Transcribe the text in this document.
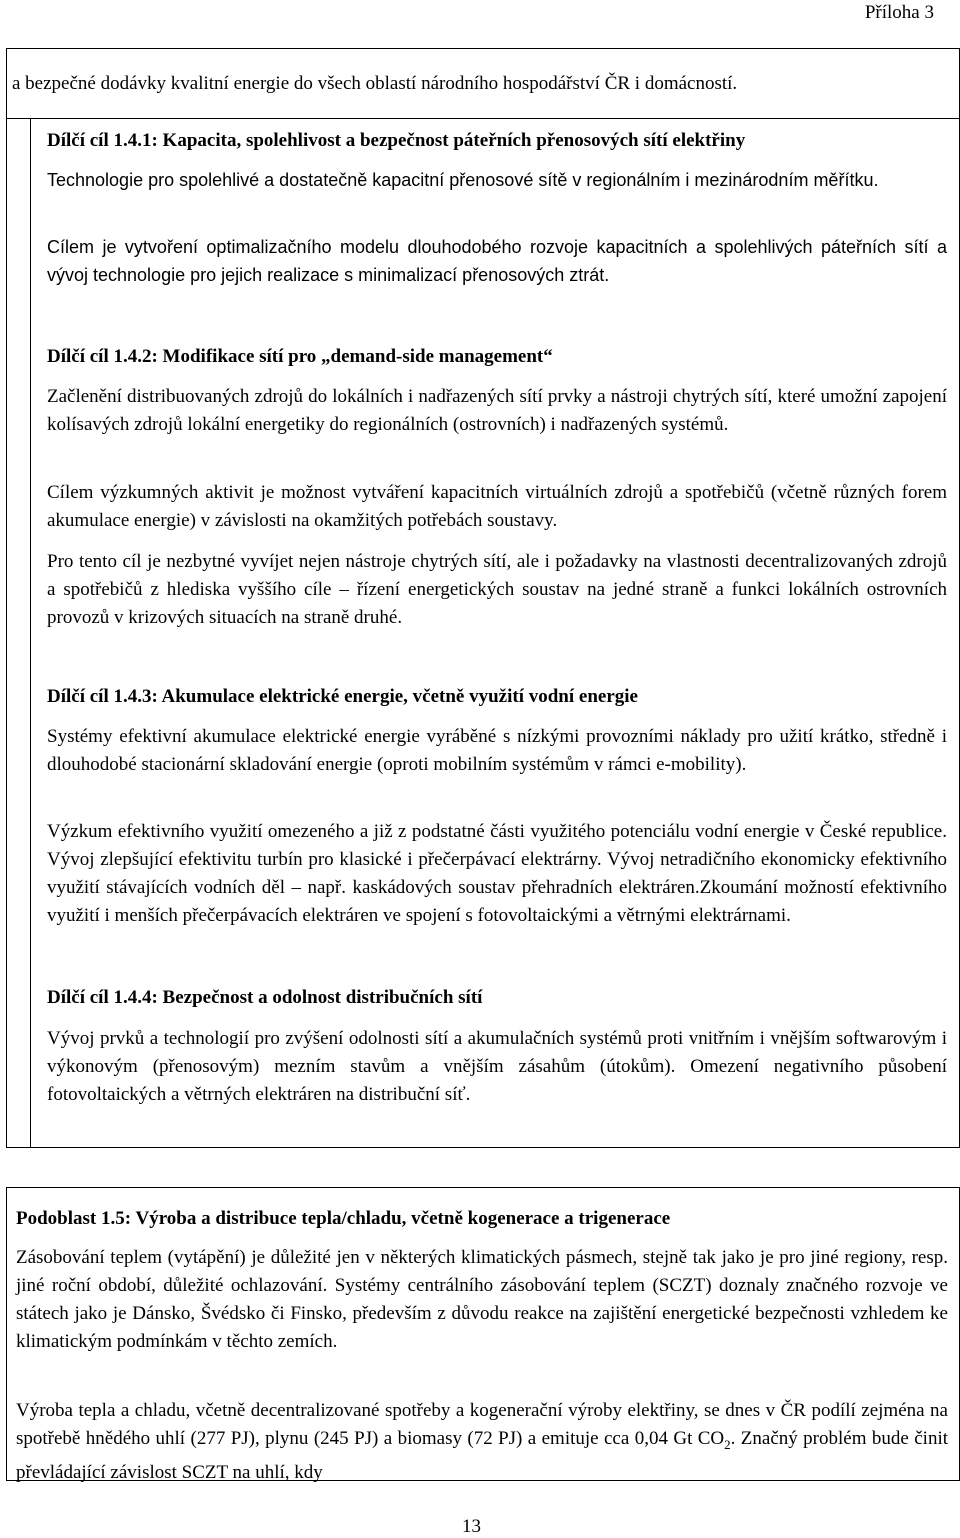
Příloha 3
a bezpečné dodávky kvalitní energie do všech oblastí národního hospodářství ČR i domácností.
Dílčí cíl 1.4.1: Kapacita, spolehlivost a bezpečnost páteřních přenosových sítí elektřiny
Technologie pro spolehlivé a dostatečně kapacitní přenosové sítě v regionálním i mezinárodním měřítku.
Cílem je vytvoření optimalizačního modelu dlouhodobého rozvoje kapacitních a spolehlivých páteřních sítí a vývoj technologie pro jejich realizace s minimalizací přenosových ztrát.
Dílčí cíl 1.4.2: Modifikace sítí pro „demand-side management“
Začlenění distribuovaných zdrojů do lokálních i nadřazených sítí prvky a nástroji chytrých sítí, které umožní zapojení kolísavých zdrojů lokální energetiky do regionálních (ostrovních) i nadřazených systémů.
Cílem výzkumných aktivit je možnost vytváření kapacitních virtuálních zdrojů a spotřebičů (včetně různých forem akumulace energie) v závislosti na okamžitých potřebách soustavy.
Pro tento cíl je nezbytné vyvíjet nejen nástroje chytrých sítí, ale i požadavky na vlastnosti decentralizovaných zdrojů a spotřebičů z hlediska vyššího cíle – řízení energetických soustav na jedné straně a funkci lokálních ostrovních provozů v krizových situacích na straně druhé.
Dílčí cíl 1.4.3: Akumulace elektrické energie, včetně využití vodní energie
Systémy efektivní akumulace elektrické energie vyráběné s nízkými provozními náklady pro užití krátko, středně i dlouhodobé stacionární skladování energie (oproti mobilním systémům v rámci e-mobility).
Výzkum efektivního využití omezeného a již z podstatné části využitého potenciálu vodní energie v České republice. Vývoj zlepšující efektivitu turbín pro klasické i přečerpávací elektrárny. Vývoj netradičního ekonomicky efektivního využití stávajících vodních děl – např. kaskádových soustav přehradních elektráren.Zkoumání možností efektivního využití i menších přečerpávacích elektráren ve spojení s fotovoltaickými a větrnými elektrárnami.
Dílčí cíl 1.4.4: Bezpečnost a odolnost distribučních sítí
Vývoj prvků a technologií pro zvýšení odolnosti sítí a akumulačních systémů proti vnitřním i vnějším softwarovým i výkonovým (přenosovým) mezním stavům a vnějším zásahům (útokům). Omezení negativního působení fotovoltaických a větrných elektráren na distribuční síť.
Podoblast 1.5: Výroba a distribuce tepla/chladu, včetně kogenerace a trigenerace
Zásobování teplem (vytápění) je důležité jen v některých klimatických pásmech, stejně tak jako je pro jiné regiony, resp. jiné roční období, důležité ochlazování. Systémy centrálního zásobování teplem (SCZT) doznaly značného rozvoje ve státech jako je Dánsko, Švédsko či Finsko, především z důvodu reakce na zajištění energetické bezpečnosti vzhledem ke klimatickým podmínkám v těchto zemích.
Výroba tepla a chladu, včetně decentralizované spotřeby a kogenerační výroby elektřiny, se dnes v ČR podílí zejména na spotřebě hnědého uhlí (277 PJ), plynu (245 PJ) a biomasy (72 PJ) a emituje cca 0,04 Gt $CO_2$. Značný problém bude činit převládající závislost SCZT na uhlí, kdy
13
